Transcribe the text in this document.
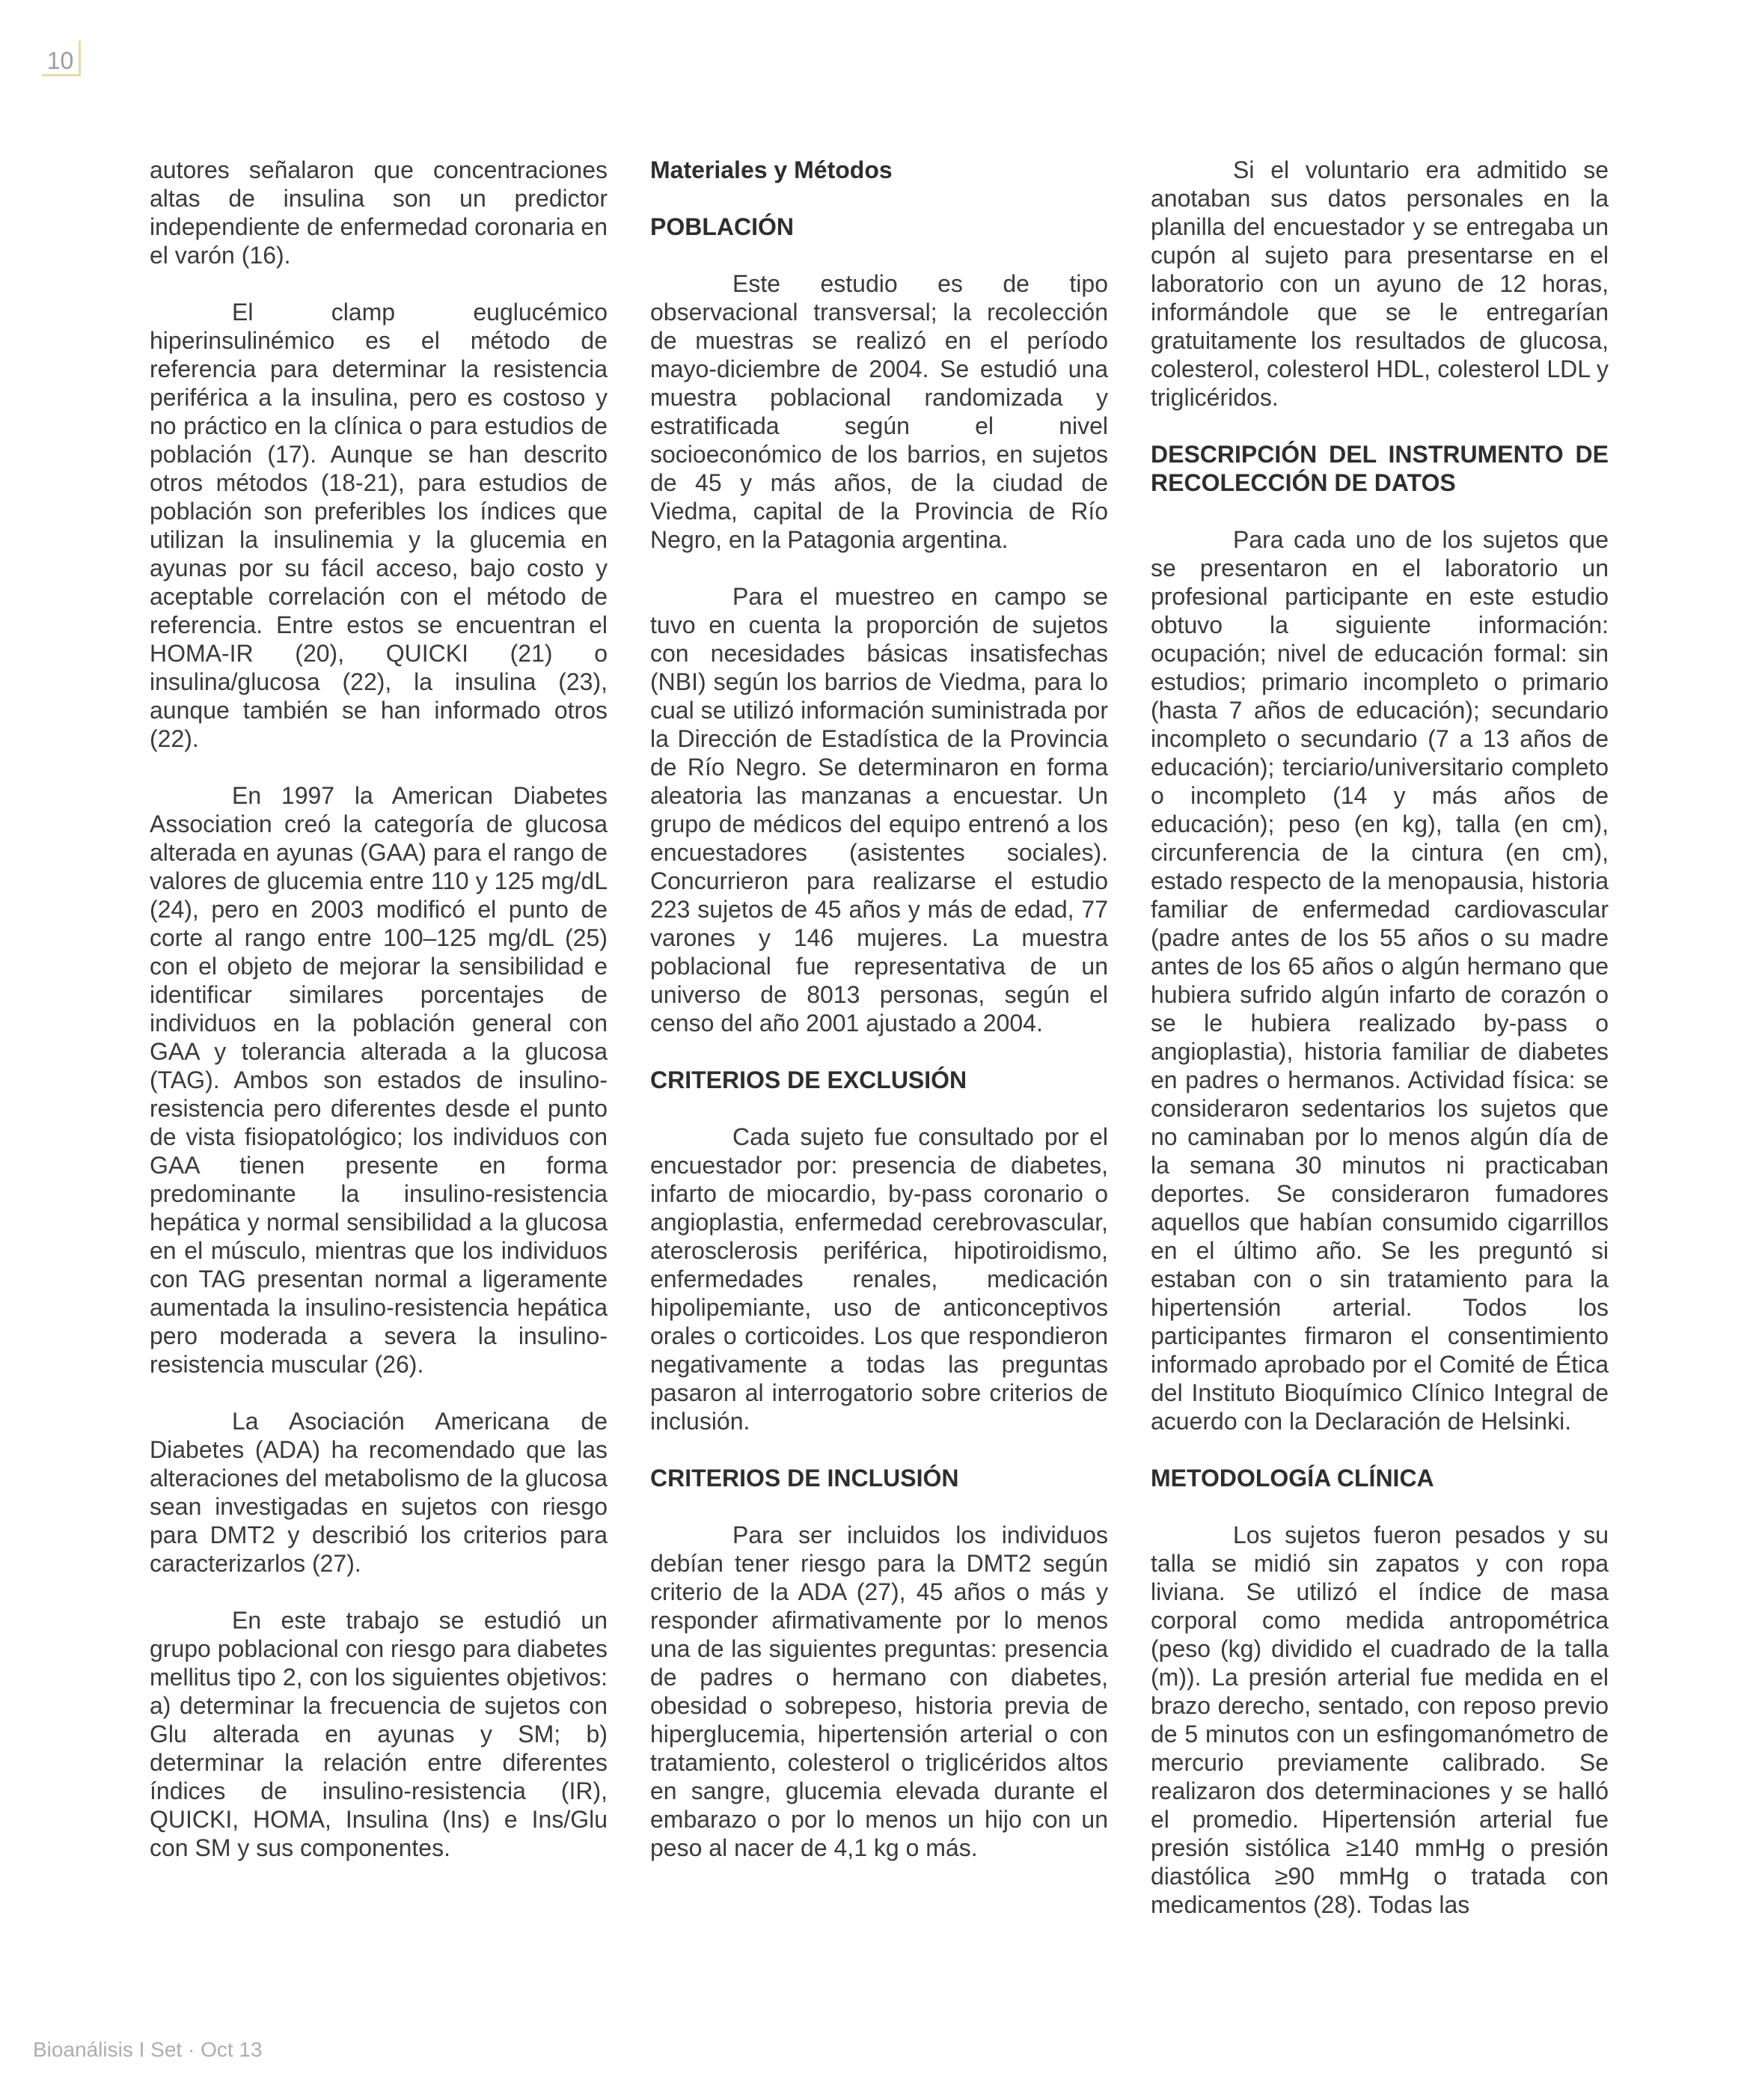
10

autores señalaron que concentraciones altas de insulina son un predictor independiente de enfermedad coronaria en el varón (16).

El clamp euglucémico hiperinsulinémico es el método de referencia para determinar la resistencia periférica a la insulina, pero es costoso y no práctico en la clínica o para estudios de población (17). Aunque se han descrito otros métodos (18-21), para estudios de población son preferibles los índices que utilizan la insulinemia y la glucemia en ayunas por su fácil acceso, bajo costo y aceptable correlación con el método de referencia. Entre estos se encuentran el HOMA-IR (20), QUICKI (21) o insulina/glucosa (22), la insulina (23), aunque también se han informado otros (22).

En 1997 la American Diabetes Association creó la categoría de glucosa alterada en ayunas (GAA) para el rango de valores de glucemia entre 110 y 125 mg/dL (24), pero en 2003 modificó el punto de corte al rango entre 100–125 mg/dL (25) con el objeto de mejorar la sensibilidad e identificar similares porcentajes de individuos en la población general con GAA y tolerancia alterada a la glucosa (TAG). Ambos son estados de insulino-resistencia pero diferentes desde el punto de vista fisiopatológico; los individuos con GAA tienen presente en forma predominante la insulino-resistencia hepática y normal sensibilidad a la glucosa en el músculo, mientras que los individuos con TAG presentan normal a ligeramente aumentada la insulino-resistencia hepática pero moderada a severa la insulino-resistencia muscular (26).

La Asociación Americana de Diabetes (ADA) ha recomendado que las alteraciones del metabolismo de la glucosa sean investigadas en sujetos con riesgo para DMT2 y describió los criterios para caracterizarlos (27).

En este trabajo se estudió un grupo poblacional con riesgo para diabetes mellitus tipo 2, con los siguientes objetivos: a) determinar la frecuencia de sujetos con Glu alterada en ayunas y SM; b) determinar la relación entre diferentes índices de insulino-resistencia (IR), QUICKI, HOMA, Insulina (Ins) e Ins/Glu con SM y sus componentes.

Materiales y Métodos

POBLACIÓN

Este estudio es de tipo observacional transversal; la recolección de muestras se realizó en el período mayo-diciembre de 2004. Se estudió una muestra poblacional randomizada y estratificada según el nivel socioeconómico de los barrios, en sujetos de 45 y más años, de la ciudad de Viedma, capital de la Provincia de Río Negro, en la Patagonia argentina.

Para el muestreo en campo se tuvo en cuenta la proporción de sujetos con necesidades básicas insatisfechas (NBI) según los barrios de Viedma, para lo cual se utilizó información suministrada por la Dirección de Estadística de la Provincia de Río Negro. Se determinaron en forma aleatoria las manzanas a encuestar. Un grupo de médicos del equipo entrenó a los encuestadores (asistentes sociales). Concurrieron para realizarse el estudio 223 sujetos de 45 años y más de edad, 77 varones y 146 mujeres. La muestra poblacional fue representativa de un universo de 8013 personas, según el censo del año 2001 ajustado a 2004.

CRITERIOS DE EXCLUSIÓN

Cada sujeto fue consultado por el encuestador por: presencia de diabetes, infarto de miocardio, by-pass coronario o angioplastia, enfermedad cerebrovascular, aterosclerosis periférica, hipotiroidismo, enfermedades renales, medicación hipolipemiante, uso de anticonceptivos orales o corticoides. Los que respondieron negativamente a todas las preguntas pasaron al interrogatorio sobre criterios de inclusión.

CRITERIOS DE INCLUSIÓN

Para ser incluidos los individuos debían tener riesgo para la DMT2 según criterio de la ADA (27), 45 años o más y responder afirmativamente por lo menos una de las siguientes preguntas: presencia de padres o hermano con diabetes, obesidad o sobrepeso, historia previa de hiperglucemia, hipertensión arterial o con tratamiento, colesterol o triglicéridos altos en sangre, glucemia elevada durante el embarazo o por lo menos un hijo con un peso al nacer de 4,1 kg o más.

Si el voluntario era admitido se anotaban sus datos personales en la planilla del encuestador y se entregaba un cupón al sujeto para presentarse en el laboratorio con un ayuno de 12 horas, informándole que se le entregarían gratuitamente los resultados de glucosa, colesterol, colesterol HDL, colesterol LDL y triglicéridos.

DESCRIPCIÓN DEL INSTRUMENTO DE RECOLECCIÓN DE DATOS

Para cada uno de los sujetos que se presentaron en el laboratorio un profesional participante en este estudio obtuvo la siguiente información: ocupación; nivel de educación formal: sin estudios; primario incompleto o primario (hasta 7 años de educación); secundario incompleto o secundario (7 a 13 años de educación); terciario/universitario completo o incompleto (14 y más años de educación); peso (en kg), talla (en cm), circunferencia de la cintura (en cm), estado respecto de la menopausia, historia familiar de enfermedad cardiovascular (padre antes de los 55 años o su madre antes de los 65 años o algún hermano que hubiera sufrido algún infarto de corazón o se le hubiera realizado by-pass o angioplastia), historia familiar de diabetes en padres o hermanos. Actividad física: se consideraron sedentarios los sujetos que no caminaban por lo menos algún día de la semana 30 minutos ni practicaban deportes. Se consideraron fumadores aquellos que habían consumido cigarrillos en el último año. Se les preguntó si estaban con o sin tratamiento para la hipertensión arterial. Todos los participantes firmaron el consentimiento informado aprobado por el Comité de Ética del Instituto Bioquímico Clínico Integral de acuerdo con la Declaración de Helsinki.

METODOLOGÍA CLÍNICA

Los sujetos fueron pesados y su talla se midió sin zapatos y con ropa liviana. Se utilizó el índice de masa corporal como medida antropométrica (peso (kg) dividido el cuadrado de la talla (m)). La presión arterial fue medida en el brazo derecho, sentado, con reposo previo de 5 minutos con un esfingomanómetro de mercurio previamente calibrado. Se realizaron dos determinaciones y se halló el promedio. Hipertensión arterial fue presión sistólica ≥140 mmHg o presión diastólica ≥90 mmHg o tratada con medicamentos (28). Todas las

Bioanálisis I Set · Oct 13
